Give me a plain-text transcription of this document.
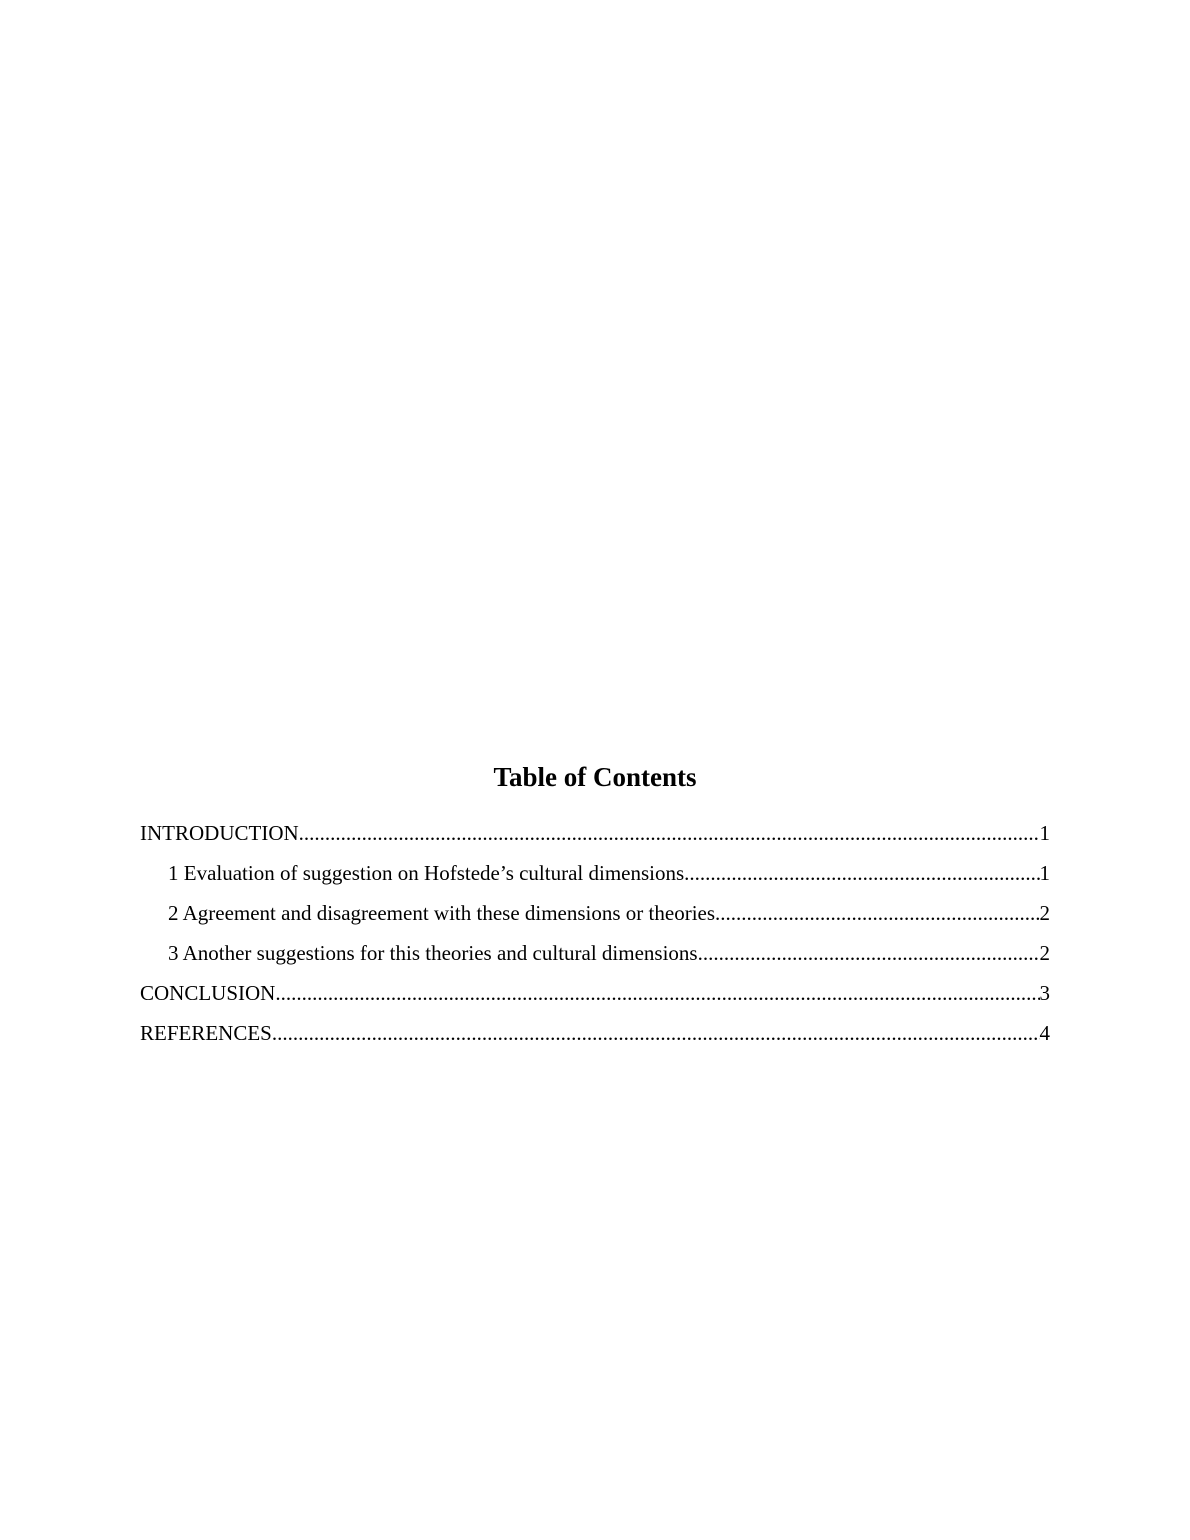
Table of Contents
INTRODUCTION .....	1
1 Evaluation of suggestion on Hofstede’s cultural dimensions .....	1
2 Agreement and disagreement with these dimensions or theories .....	2
3 Another suggestions for this theories and cultural dimensions .....	2
CONCLUSION .....	3
REFERENCES .....	4
